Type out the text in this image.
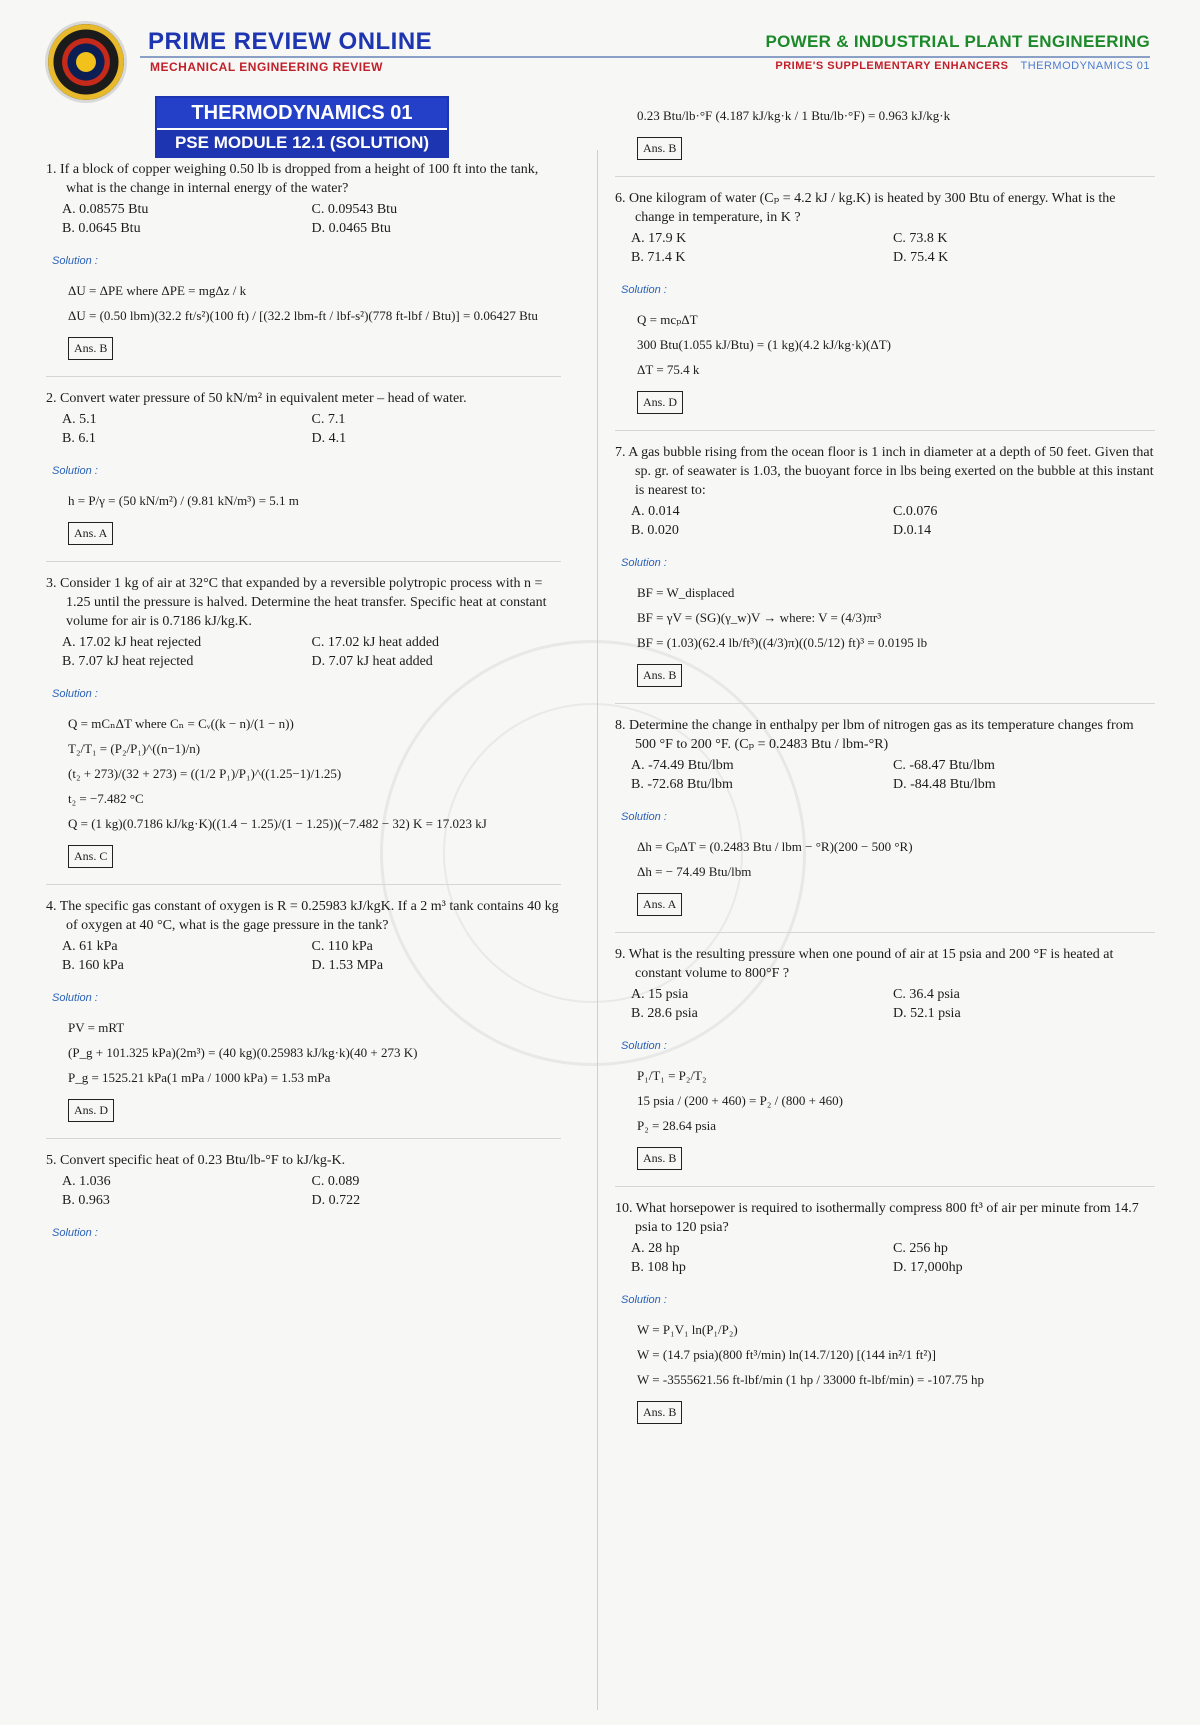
PRIME REVIEW ONLINE
MECHANICAL ENGINEERING REVIEW
POWER & INDUSTRIAL PLANT ENGINEERING
PRIME'S SUPPLEMENTARY ENHANCERS THERMODYNAMICS 01
THERMODYNAMICS 01
PSE MODULE 12.1 (SOLUTION)
1. If a block of copper weighing 0.50 lb is dropped from a height of 100 ft into the tank, what is the change in internal energy of the water?
A. 0.08575 Btu	C. 0.09543 Btu
B. 0.0645 Btu	D. 0.0465 Btu
Solution :
ΔU = ΔPE where ΔPE = mgΔz / k
ΔU = (0.50 lbm)(32.2 ft/s²)(100 ft) / [(32.2 lbm-ft / lbf-s²)(778 ft-lbf / Btu)] = 0.06427 Btu
Ans. B
2. Convert water pressure of 50 kN/m² in equivalent meter – head of water.
A. 5.1	C. 7.1
B. 6.1	D. 4.1
Solution :
h = P/γ = (50 kN/m²) / (9.81 kN/m³) = 5.1 m
Ans. A
3. Consider 1 kg of air at 32°C that expanded by a reversible polytropic process with n = 1.25 until the pressure is halved. Determine the heat transfer. Specific heat at constant volume for air is 0.7186 kJ/kg.K.
A. 17.02 kJ heat rejected	C. 17.02 kJ heat added
B. 7.07 kJ heat rejected	D. 7.07 kJ heat added
Solution :
Q = mCₙΔT where Cₙ = Cᵥ((k − n)/(1 − n))
T₂/T₁ = (P₂/P₁)^((n−1)/n)
(t₂ + 273)/(32 + 273) = ((1/2 P₁)/P₁)^((1.25−1)/1.25)
t₂ = −7.482 °C
Q = (1 kg)(0.7186 kJ/kg·K)((1.4 − 1.25)/(1 − 1.25))(−7.482 − 32) K = 17.023 kJ
Ans. C
4. The specific gas constant of oxygen is R = 0.25983 kJ/kgK. If a 2 m³ tank contains 40 kg of oxygen at 40 °C, what is the gage pressure in the tank?
A. 61 kPa	C. 110 kPa
B. 160 kPa	D. 1.53 MPa
Solution :
PV = mRT
(P_g + 101.325 kPa)(2m³) = (40 kg)(0.25983 kJ/kg·k)(40 + 273 K)
P_g = 1525.21 kPa(1 mPa / 1000 kPa) = 1.53 mPa
Ans. D
5. Convert specific heat of 0.23 Btu/lb-°F to kJ/kg-K.
A. 1.036	C. 0.089
B. 0.963	D. 0.722
Solution :
0.23 Btu/lb·°F (4.187 kJ/kg·k / 1 Btu/lb·°F) = 0.963 kJ/kg·k
Ans. B
6. One kilogram of water (Cₚ = 4.2 kJ / kg.K) is heated by 300 Btu of energy. What is the change in temperature, in K ?
A. 17.9 K	C. 73.8 K
B. 71.4 K	D. 75.4 K
Solution :
Q = mcₚΔT
300 Btu(1.055 kJ/Btu) = (1 kg)(4.2 kJ/kg·k)(ΔT)
ΔT = 75.4 k
Ans. D
7. A gas bubble rising from the ocean floor is 1 inch in diameter at a depth of 50 feet. Given that sp. gr. of seawater is 1.03, the buoyant force in lbs being exerted on the bubble at this instant is nearest to:
A. 0.014	C.0.076
B. 0.020	D.0.14
Solution :
BF = W_displaced
BF = γV = (SG)(γ_w)V → where: V = (4/3)πr³
BF = (1.03)(62.4 lb/ft³)((4/3)π)((0.5/12) ft)³ = 0.0195 lb
Ans. B
8. Determine the change in enthalpy per lbm of nitrogen gas as its temperature changes from 500 °F to 200 °F. (Cₚ = 0.2483 Btu / lbm-°R)
A. -74.49 Btu/lbm	C. -68.47 Btu/lbm
B. -72.68 Btu/lbm	D. -84.48 Btu/lbm
Solution :
Δh = CₚΔT = (0.2483 Btu / lbm − °R)(200 − 500 °R)
Δh = − 74.49 Btu/lbm
Ans. A
9. What is the resulting pressure when one pound of air at 15 psia and 200 °F is heated at constant volume to 800°F ?
A. 15 psia	C. 36.4 psia
B. 28.6 psia	D. 52.1 psia
Solution :
P₁/T₁ = P₂/T₂
15 psia / (200 + 460) = P₂ / (800 + 460)
P₂ = 28.64 psia
Ans. B
10. What horsepower is required to isothermally compress 800 ft³ of air per minute from 14.7 psia to 120 psia?
A. 28 hp	C. 256 hp
B. 108 hp	D. 17,000hp
Solution :
W = P₁V₁ ln(P₁/P₂)
W = (14.7 psia)(800 ft³/min) ln(14.7/120) [(144 in²/1 ft²)]
W = -3555621.56 ft-lbf/min (1 hp / 33000 ft-lbf/min) = -107.75 hp
Ans. B
